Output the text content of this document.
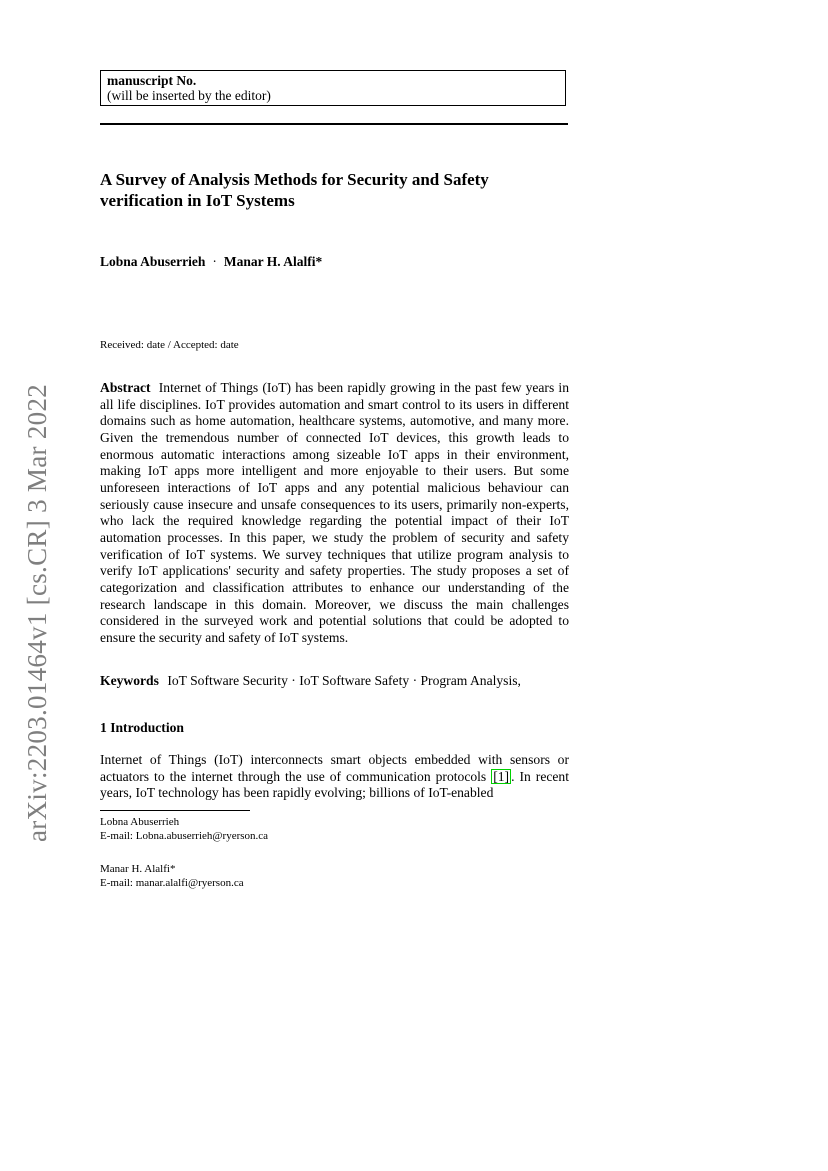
arXiv:2203.01464v1 [cs.CR] 3 Mar 2022
manuscript No.
(will be inserted by the editor)
A Survey of Analysis Methods for Security and Safety verification in IoT Systems
Lobna Abuserrieh · Manar H. Alalfi*
Received: date / Accepted: date
Abstract Internet of Things (IoT) has been rapidly growing in the past few years in all life disciplines. IoT provides automation and smart control to its users in different domains such as home automation, healthcare systems, automotive, and many more. Given the tremendous number of connected IoT devices, this growth leads to enormous automatic interactions among sizeable IoT apps in their environment, making IoT apps more intelligent and more enjoyable to their users. But some unforeseen interactions of IoT apps and any potential malicious behaviour can seriously cause insecure and unsafe consequences to its users, primarily non-experts, who lack the required knowledge regarding the potential impact of their IoT automation processes. In this paper, we study the problem of security and safety verification of IoT systems. We survey techniques that utilize program analysis to verify IoT applications' security and safety properties. The study proposes a set of categorization and classification attributes to enhance our understanding of the research landscape in this domain. Moreover, we discuss the main challenges considered in the surveyed work and potential solutions that could be adopted to ensure the security and safety of IoT systems.
Keywords IoT Software Security · IoT Software Safety · Program Analysis,
1 Introduction
Internet of Things (IoT) interconnects smart objects embedded with sensors or actuators to the internet through the use of communication protocols [1] . In recent years, IoT technology has been rapidly evolving; billions of IoT-enabled
Lobna Abuserrieh
E-mail: Lobna.abuserrieh@ryerson.ca
Manar H. Alalfi*
E-mail: manar.alalfi@ryerson.ca
